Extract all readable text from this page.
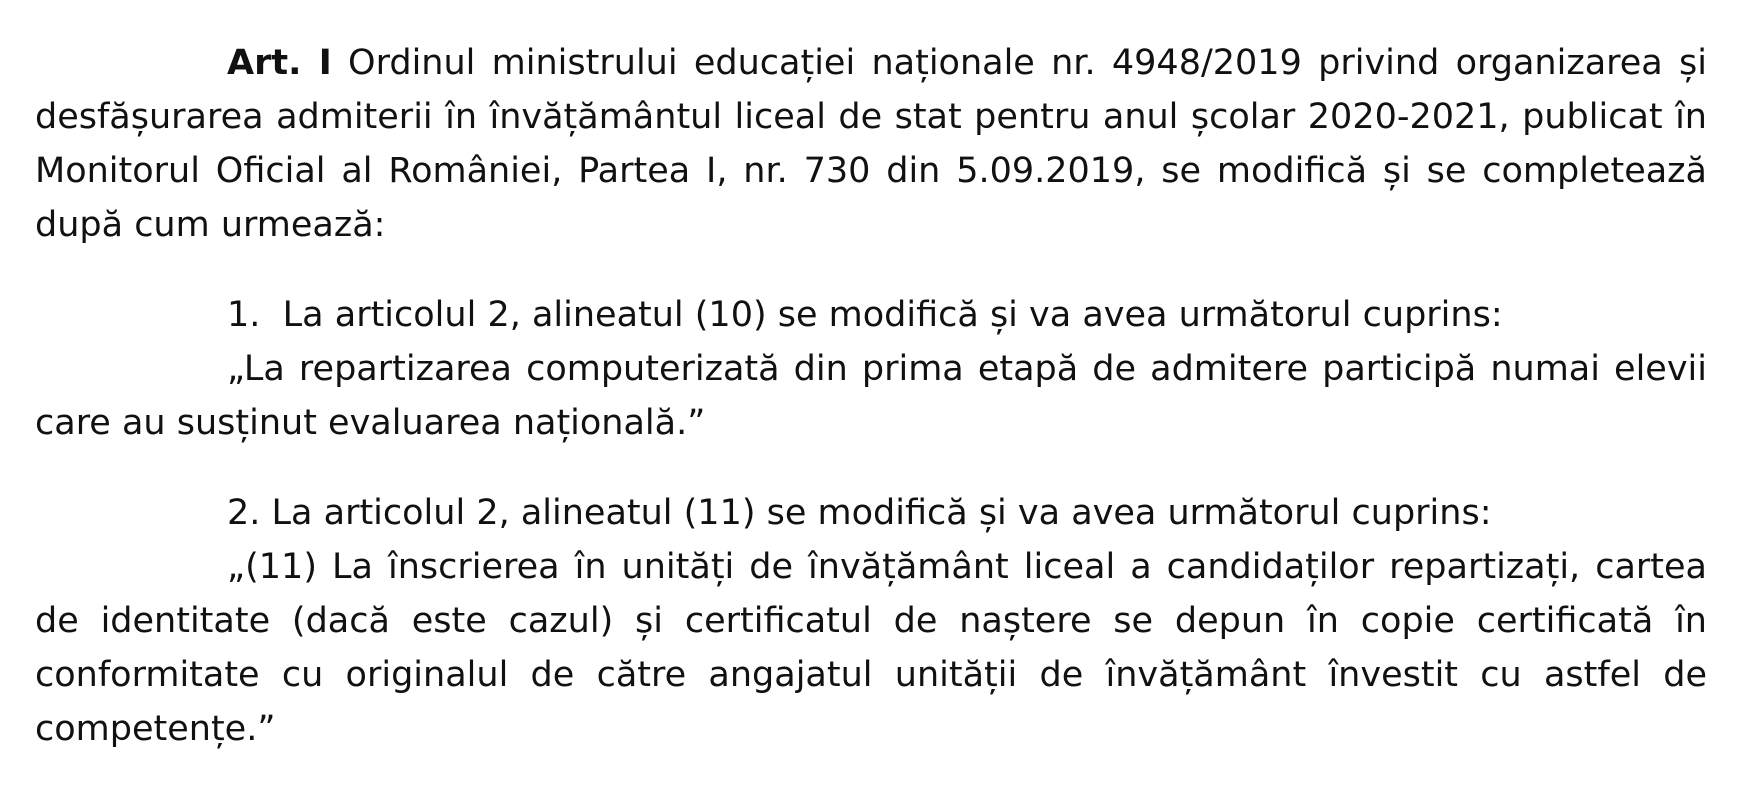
Art. I Ordinul ministrului educației naționale nr. 4948/2019 privind organizarea și desfășurarea admiterii în învățământul liceal de stat pentru anul școlar 2020-2021, publicat în Monitorul Oficial al României, Partea I, nr. 730 din 5.09.2019, se modifică și se completează după cum urmează:

1. La articolul 2, alineatul (10) se modifică și va avea următorul cuprins:

„La repartizarea computerizată din prima etapă de admitere participă numai elevii care au susținut evaluarea națională.”

2. La articolul 2, alineatul (11) se modifică și va avea următorul cuprins:

„(11) La înscrierea în unități de învățământ liceal a candidaților repartizați, cartea de identitate (dacă este cazul) și certificatul de naștere se depun în copie certificată în conformitate cu originalul de către angajatul unității de învățământ învestit cu astfel de competențe.”
